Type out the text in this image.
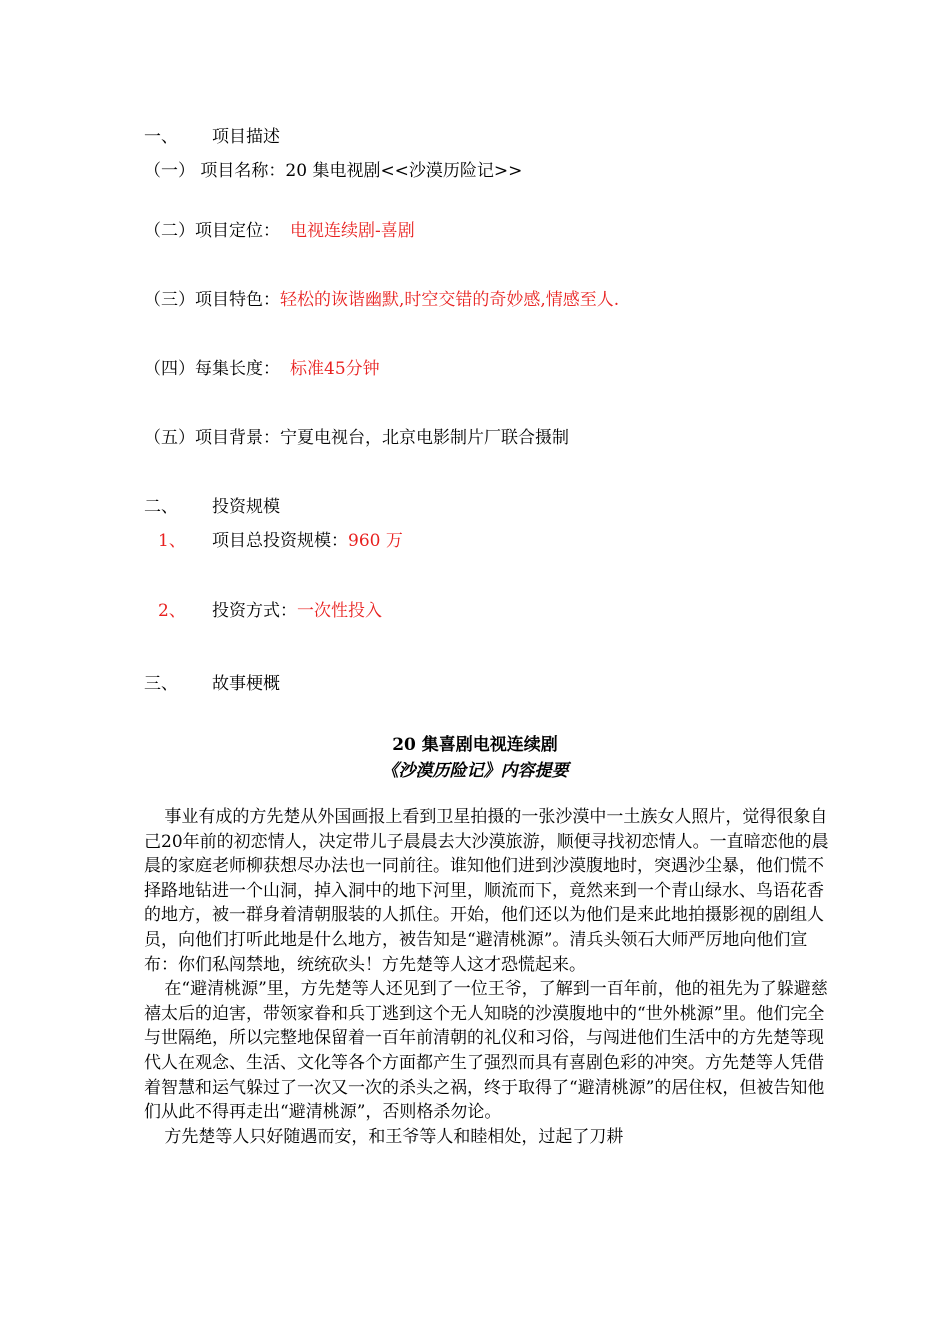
一、 项目描述
（一） 项目名称：20 集电视剧<<沙漠历险记>>
（二）项目定位： 电视连续剧-喜剧
（三）项目特色：轻松的诙谐幽默,时空交错的奇妙感,情感至人.
（四）每集长度： 标准45分钟
（五）项目背景：宁夏电视台，北京电影制片厂联合摄制
二、 投资规模
1、 项目总投资规模：960 万
2、 投资方式：一次性投入
三、 故事梗概
20 集喜剧电视连续剧
《沙漠历险记》内容提要

事业有成的方先楚从外国画报上看到卫星拍摄的一张沙漠中一土族女人照片，觉得很象自己20年前的初恋情人，决定带儿子晨晨去大沙漠旅游，顺便寻找初恋情人。一直暗恋他的晨晨的家庭老师柳获想尽办法也一同前往。谁知他们进到沙漠腹地时，突遇沙尘暴，他们慌不择路地钻进一个山洞，掉入洞中的地下河里，顺流而下，竟然来到一个青山绿水、鸟语花香的地方，被一群身着清朝服装的人抓住。开始，他们还以为他们是来此地拍摄影视的剧组人员，向他们打听此地是什么地方，被告知是“避清桃源”。清兵头领石大师严厉地向他们宣布：你们私闯禁地，统统砍头！方先楚等人这才恐慌起来。

在“避清桃源”里，方先楚等人还见到了一位王爷，了解到一百年前，他的祖先为了躲避慈禧太后的迫害，带领家眷和兵丁逃到这个无人知晓的沙漠腹地中的“世外桃源”里。他们完全与世隔绝，所以完整地保留着一百年前清朝的礼仪和习俗，与闯进他们生活中的方先楚等现代人在观念、生活、文化等各个方面都产生了强烈而具有喜剧色彩的冲突。方先楚等人凭借着智慧和运气躲过了一次又一次的杀头之祸，终于取得了“避清桃源”的居住权，但被告知他们从此不得再走出“避清桃源”，否则格杀勿论。

方先楚等人只好随遇而安，和王爷等人和睦相处，过起了刀耕
